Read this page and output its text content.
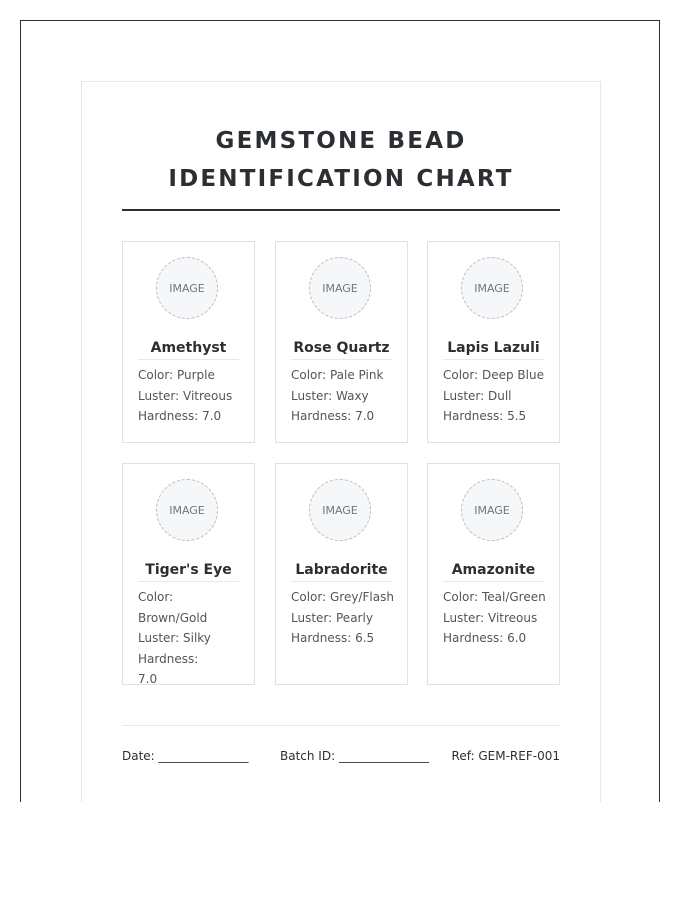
GEMSTONE BEAD
IDENTIFICATION CHART
IMAGE
Amethyst
Color: Purple
Luster: Vitreous
Hardness: 7.0
IMAGE
Rose Quartz
Color: Pale Pink
Luster: Waxy
Hardness: 7.0
IMAGE
Lapis Lazuli
Color: Deep Blue
Luster: Dull
Hardness: 5.5
IMAGE
Tiger's Eye
Color: Brown/Gold
Luster: Silky
Hardness: 7.0
IMAGE
Labradorite
Color: Grey/Flash
Luster: Pearly
Hardness: 6.5
IMAGE
Amazonite
Color: Teal/Green
Luster: Vitreous
Hardness: 6.0
Date: _______________	Batch ID: _______________ Ref: GEM-REF-001
